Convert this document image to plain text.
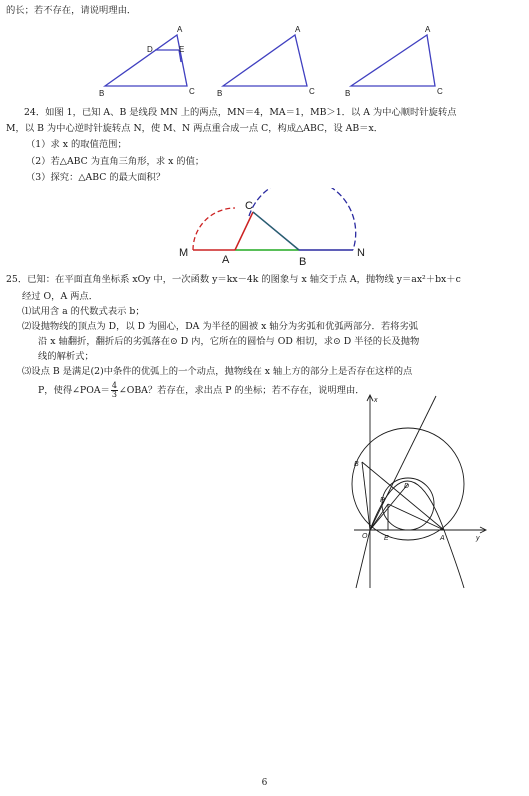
的长；若不存在，请说明理由．
A
D	E
B	C
A
B	C
A
B	C
24．如图 1，已知 A、B 是线段 MN 上的两点，MN＝4，MA＝1，MB＞1．以 A 为中心顺时针旋转点
M，以 B 为中心逆时针旋转点 N，使 M、N 两点重合成一点 C，构成△ABC，设 AB＝x．
（1）求 x 的取值范围；
（2）若△ABC 为直角三角形，求 x 的值；
（3）探究：△ABC 的最大面积？
C
M
A	B
N
25．已知：在平面直角坐标系 xOy 中，一次函数 y＝kx－4k 的图象与 x 轴交于点 A，抛物线 y＝ax²＋bx＋c
经过 O，A 两点．
⑴试用含 a 的代数式表示 b；
⑵设抛物线的顶点为 D，以 D 为圆心，DA 为半径的圆被 x 轴分为劣弧和优弧两部分．若将劣弧
沿 x 轴翻折，翻折后的劣弧落在⊙ D 内，它所在的圆恰与 OD 相切，求⊙ D 半径的长及抛物
线的解析式；
⑶设点 B 是满足(2)中条件的优弧上的一个动点，抛物线在 x 轴上方的部分上是否存在这样的点
P，使得∠POA＝ $\frac{4}{3}$ ∠OBA？若存在，求出点 P 的坐标；若不存在，说明理由．
x
y
B
D
P
O E	A
6
